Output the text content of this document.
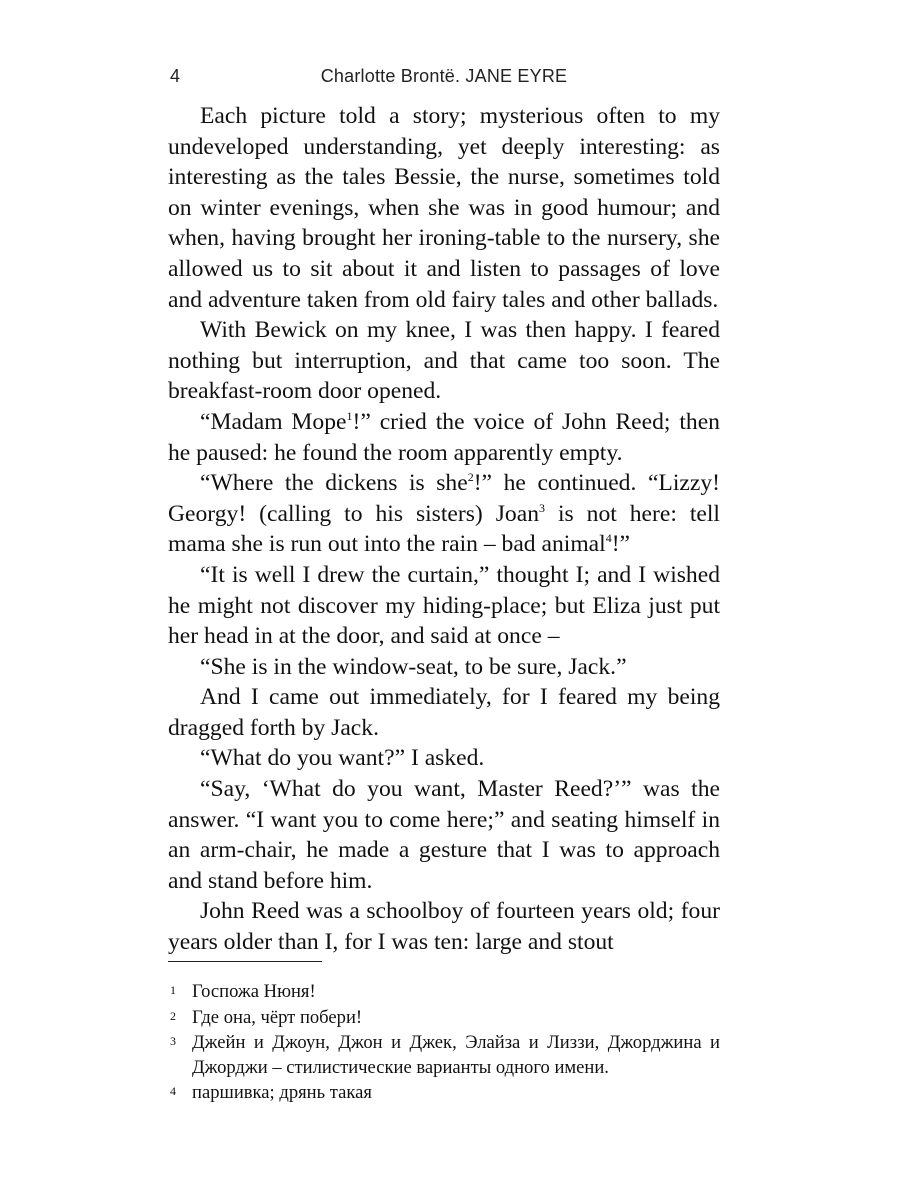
4	Charlotte Brontë. JANE EYRE

Each picture told a story; mysterious often to my undeveloped understanding, yet deeply interesting: as interesting as the tales Bessie, the nurse, sometimes told on winter evenings, when she was in good humour; and when, having brought her ironing-table to the nursery, she allowed us to sit about it and listen to passages of love and adventure taken from old fairy tales and other ballads.

With Bewick on my knee, I was then happy. I feared nothing but interruption, and that came too soon. The breakfast-room door opened.

“Madam Mope$^1$!” cried the voice of John Reed; then he paused: he found the room apparently empty.

“Where the dickens is she$^2$!” he continued. “Lizzy! Georgy! (calling to his sisters) Joan$^3$ is not here: tell mama she is run out into the rain – bad animal$^4$!”

“It is well I drew the curtain,” thought I; and I wished he might not discover my hiding-place; but Eliza just put her head in at the door, and said at once –

“She is in the window-seat, to be sure, Jack.”

And I came out immediately, for I feared my being dragged forth by Jack.

“What do you want?” I asked.

“Say, ‘What do you want, Master Reed?’” was the answer. “I want you to come here;” and seating himself in an arm-chair, he made a gesture that I was to approach and stand before him.

John Reed was a schoolboy of fourteen years old; four years older than I, for I was ten: large and stout

1 Госпожа Нюня!
2 Где она, чёрт побери!
3 Джейн и Джоун, Джон и Джек, Элайза и Лиззи, Джорджина и Джорджи – стилистические варианты одного имени.
4 паршивка; дрянь такая
